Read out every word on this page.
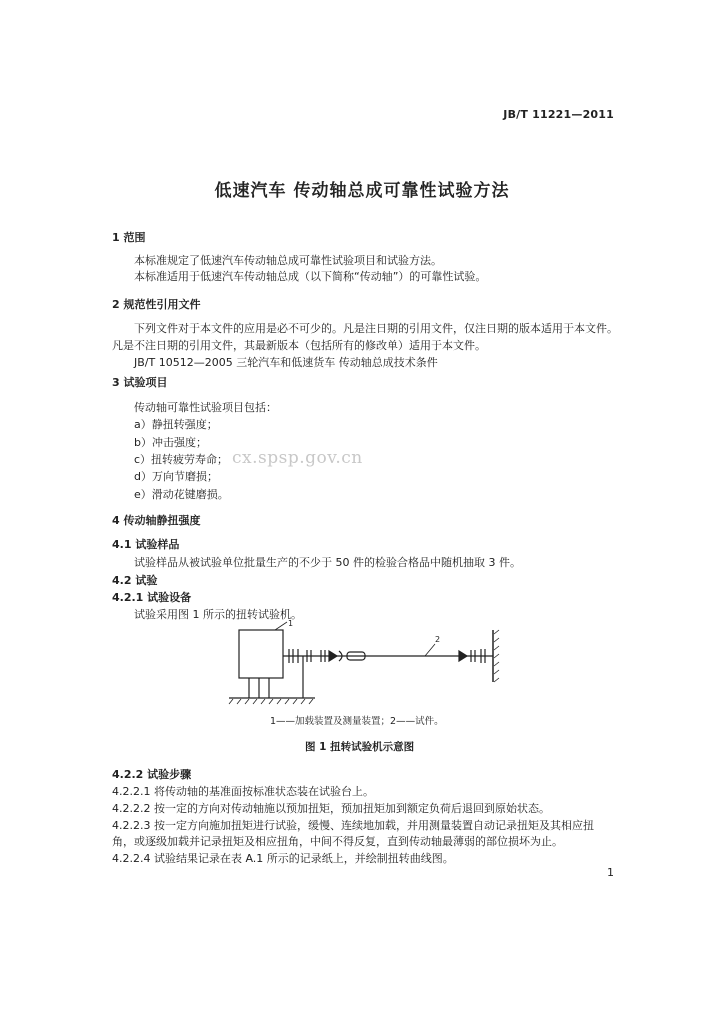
JB/T 11221—2011
低速汽车 传动轴总成可靠性试验方法
1 范围
本标准规定了低速汽车传动轴总成可靠性试验项目和试验方法。
本标准适用于低速汽车传动轴总成（以下简称“传动轴”）的可靠性试验。
2 规范性引用文件
下列文件对于本文件的应用是必不可少的。凡是注日期的引用文件，仅注日期的版本适用于本文件。
凡是不注日期的引用文件，其最新版本（包括所有的修改单）适用于本文件。
JB/T 10512—2005 三轮汽车和低速货车 传动轴总成技术条件
3 试验项目
传动轴可靠性试验项目包括：
a）静扭转强度；
b）冲击强度；
c）扭转疲劳寿命；
d）万向节磨损；
e）滑动花键磨损。
cx.spsp.gov.cn
4 传动轴静扭强度
4.1 试验样品
试验样品从被试验单位批量生产的不少于 50 件的检验合格品中随机抽取 3 件。
4.2 试验
4.2.1 试验设备
试验采用图 1 所示的扭转试验机。
1
2
1——加载装置及测量装置；2——试件。
图 1 扭转试验机示意图
4.2.2 试验步骤
4.2.2.1 将传动轴的基准面按标准状态装在试验台上。
4.2.2.2 按一定的方向对传动轴施以预加扭矩，预加扭矩加到额定负荷后退回到原始状态。
4.2.2.3 按一定方向施加扭矩进行试验，缓慢、连续地加载，并用测量装置自动记录扭矩及其相应扭
角，或逐级加载并记录扭矩及相应扭角，中间不得反复，直到传动轴最薄弱的部位损坏为止。
4.2.2.4 试验结果记录在表 A.1 所示的记录纸上，并绘制扭转曲线图。
1
